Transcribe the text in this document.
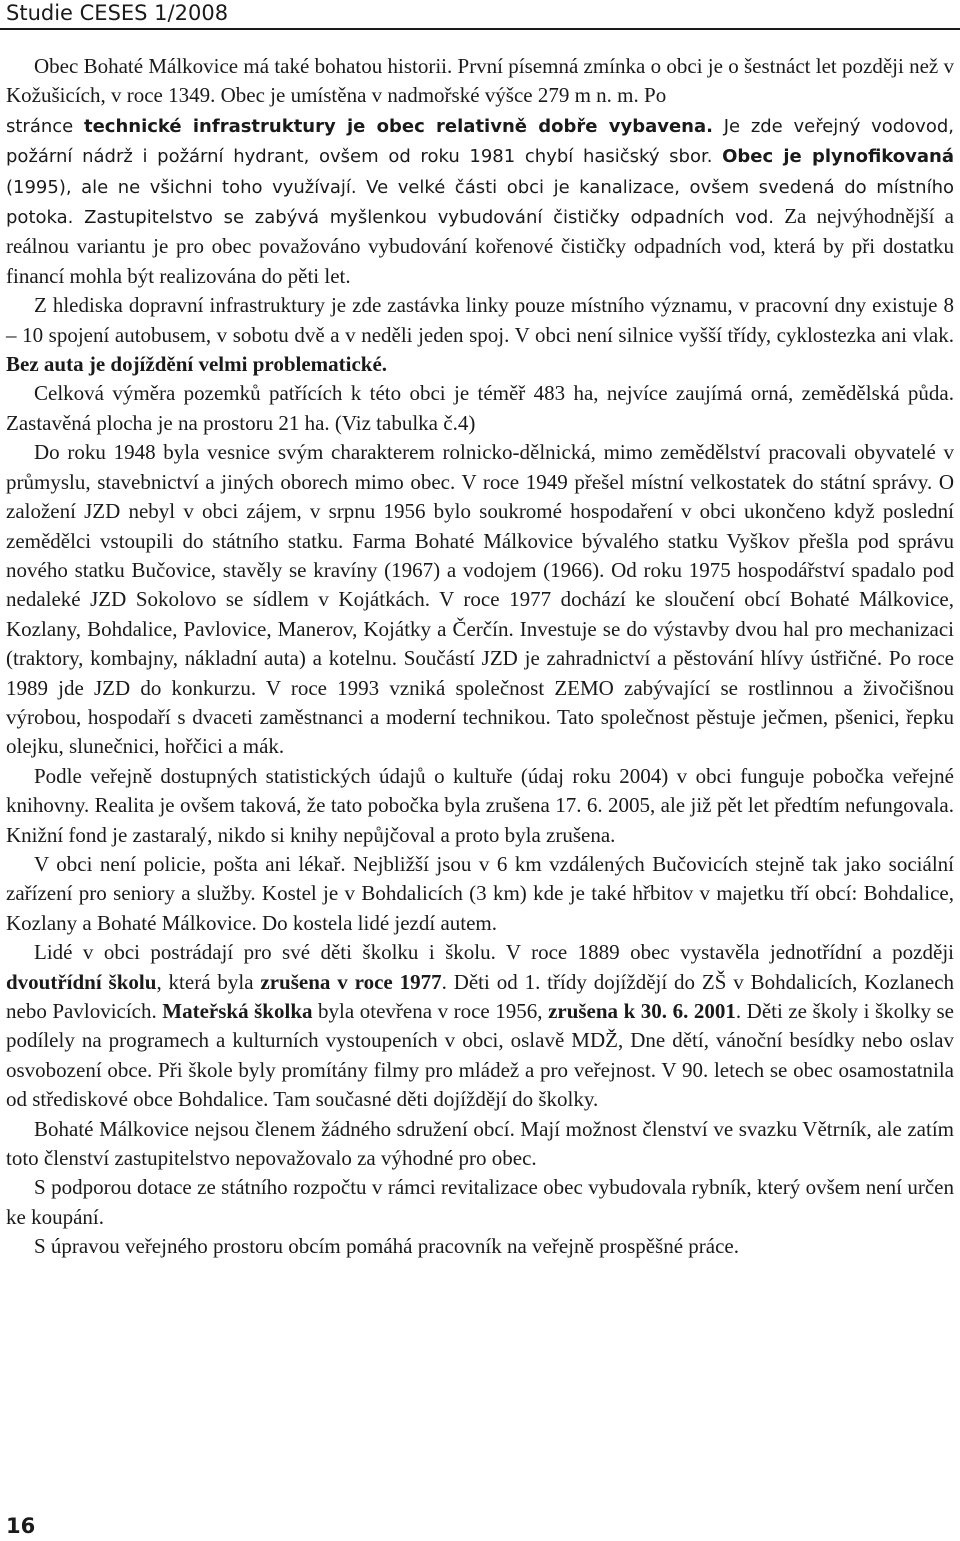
Studie CESES 1/2008

Obec Bohaté Málkovice má také bohatou historii. První písemná zmínka o obci je o šestnáct let později než v Kožušicích, v roce 1349. Obec je umístěna v nadmořské výšce 279 m n. m. Po
stránce technické infrastruktury je obec relativně dobře vybavena. Je zde veřejný vodovod, požární nádrž i požární hydrant, ovšem od roku 1981 chybí hasičský sbor. Obec je plynofikovaná (1995), ale ne všichni toho využívají. Ve velké části obci je kanalizace, ovšem svedená do místního potoka. Zastupitelstvo se zabývá myšlenkou vybudování čističky odpadních vod. Za nejvýhodnější a reálnou variantu je pro obec považováno vybudování kořenové čističky odpadních vod, která by při dostatku financí mohla být realizována do pěti let.

Z hlediska dopravní infrastruktury je zde zastávka linky pouze místního významu, v pracovní dny existuje 8 – 10 spojení autobusem, v sobotu dvě a v neděli jeden spoj. V obci není silnice vyšší třídy, cyklostezka ani vlak. Bez auta je dojíždění velmi problematické.

Celková výměra pozemků patřících k této obci je téměř 483 ha, nejvíce zaujímá orná, zemědělská půda. Zastavěná plocha je na prostoru 21 ha. (Viz tabulka č.4)

Do roku 1948 byla vesnice svým charakterem rolnicko-dělnická, mimo zemědělství pracovali obyvatelé v průmyslu, stavebnictví a jiných oborech mimo obec. V roce 1949 přešel místní velkostatek do státní správy. O založení JZD nebyl v obci zájem, v srpnu 1956 bylo soukromé hospodaření v obci ukončeno když poslední zemědělci vstoupili do státního statku. Farma Bohaté Málkovice bývalého statku Vyškov přešla pod správu nového statku Bučovice, stavěly se kravíny (1967) a vodojem (1966). Od roku 1975 hospodářství spadalo pod nedaleké JZD Sokolovo se sídlem v Kojátkách. V roce 1977 dochází ke sloučení obcí Bohaté Málkovice, Kozlany, Bohdalice, Pavlovice, Manerov, Kojátky a Čerčín. Investuje se do výstavby dvou hal pro mechanizaci (traktory, kombajny, nákladní auta) a kotelnu. Součástí JZD je zahradnictví a pěstování hlívy ústřičné. Po roce 1989 jde JZD do konkurzu. V roce 1993 vzniká společnost ZEMO zabývající se rostlinnou a živočišnou výrobou, hospodaří s dvaceti zaměstnanci a moderní technikou. Tato společnost pěstuje ječmen, pšenici, řepku olejku, slunečnici, hořčici a mák.

Podle veřejně dostupných statistických údajů o kultuře (údaj roku 2004) v obci funguje pobočka veřejné knihovny. Realita je ovšem taková, že tato pobočka byla zrušena 17. 6. 2005, ale již pět let předtím nefungovala. Knižní fond je zastaralý, nikdo si knihy nepůjčoval a proto byla zrušena.

V obci není policie, pošta ani lékař. Nejbližší jsou v 6 km vzdálených Bučovicích stejně tak jako sociální zařízení pro seniory a služby. Kostel je v Bohdalicích (3 km) kde je také hřbitov v majetku tří obcí: Bohdalice, Kozlany a Bohaté Málkovice. Do kostela lidé jezdí autem.

Lidé v obci postrádají pro své děti školku i školu. V roce 1889 obec vystavěla jednotřídní a později dvoutřídní školu, která byla zrušena v roce 1977. Děti od 1. třídy dojíždějí do ZŠ v Bohdalicích, Kozlanech nebo Pavlovicích. Mateřská školka byla otevřena v roce 1956, zrušena k 30. 6. 2001. Děti ze školy i školky se podílely na programech a kulturních vystoupeních v obci, oslavě MDŽ, Dne dětí, vánoční besídky nebo oslav osvobození obce. Při škole byly promítány filmy pro mládež a pro veřejnost. V 90. letech se obec osamostatnila od střediskové obce Bohdalice. Tam současné děti dojíždějí do školky.

Bohaté Málkovice nejsou členem žádného sdružení obcí. Mají možnost členství ve svazku Větrník, ale zatím toto členství zastupitelstvo nepovažovalo za výhodné pro obec.

S podporou dotace ze státního rozpočtu v rámci revitalizace obec vybudovala rybník, který ovšem není určen ke koupání.

S úpravou veřejného prostoru obcím pomáhá pracovník na veřejně prospěšné práce.

16
